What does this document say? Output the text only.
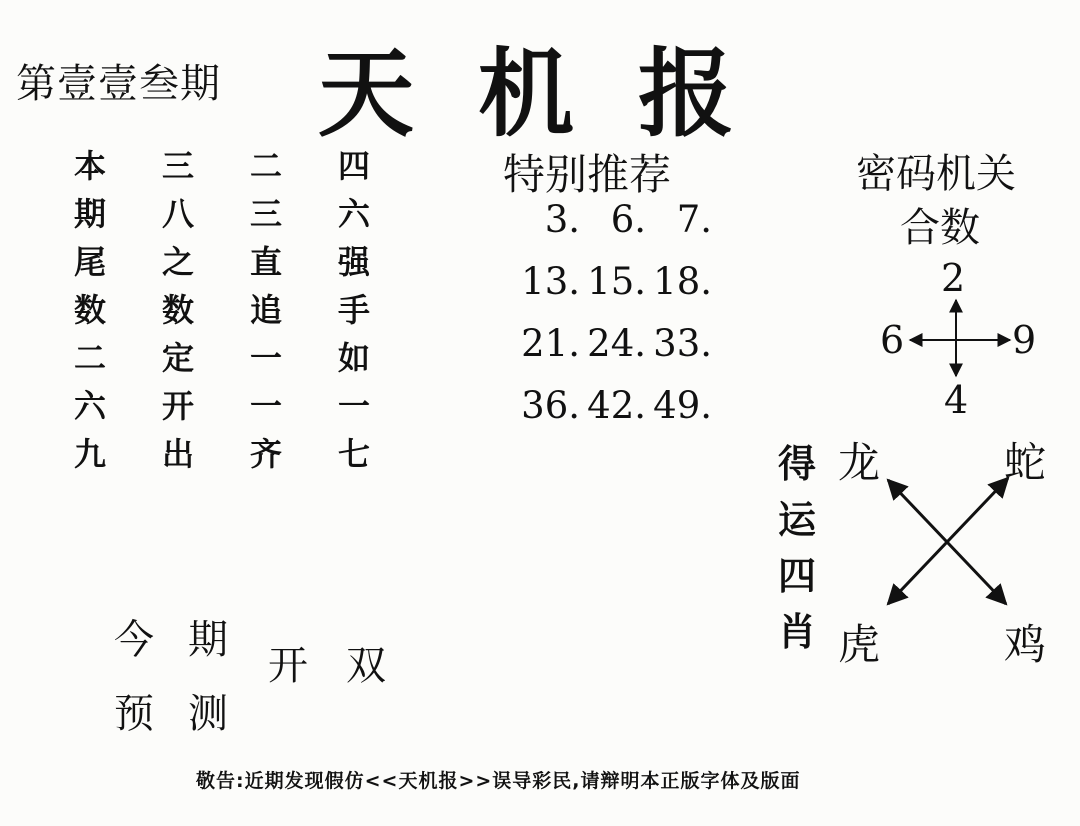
第壹壹叁期 天机报
本	三	二	四
期	八	三	六
尾	之	直	强
数	数	追	手
二	定	一	如
六	开	一	一
九	出	齐	七
特别推荐
3. 6. 7.
13. 15. 18.
21. 24. 33.
36. 42. 49.
密码机关
合数
2
6	9
4
得
运
四
肖
龙	蛇
虎	鸡
今 期
预 测
开 双
敬告:近期发现假仿<<天机报>>误导彩民,请辩明本正版字体及版面
